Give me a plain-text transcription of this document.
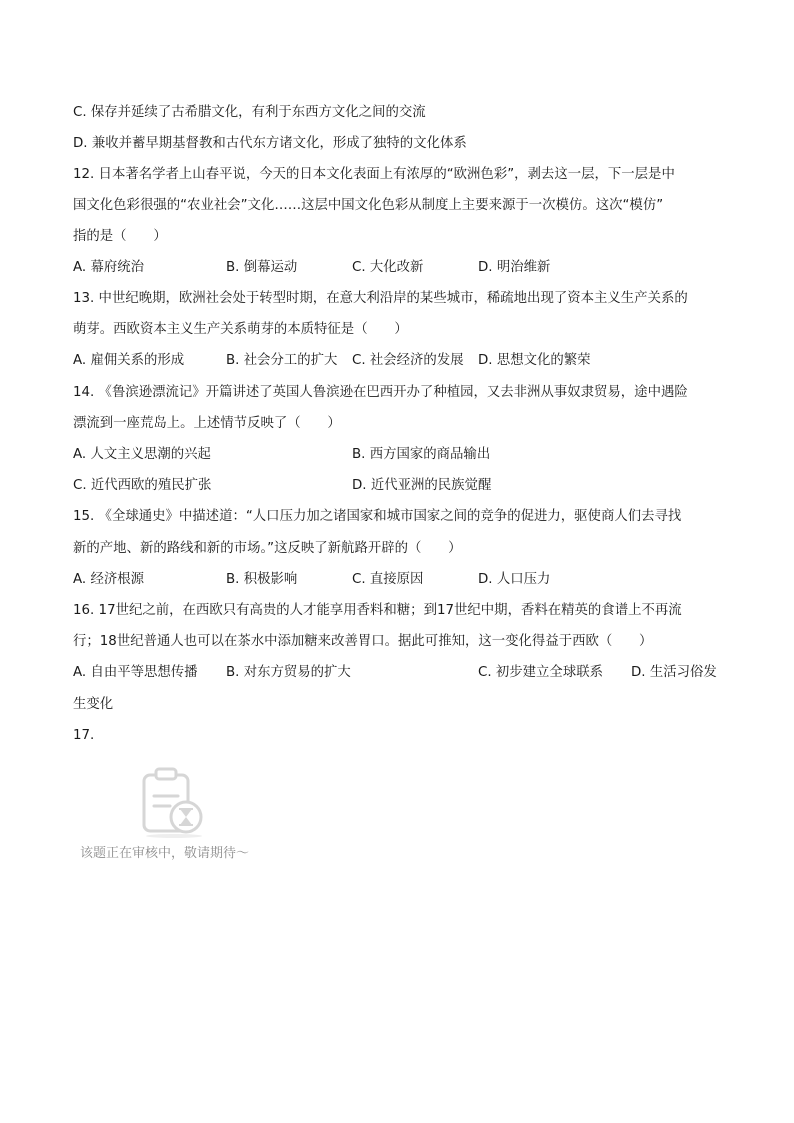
C. 保存并延续了古希腊文化，有利于东西方文化之间的交流
D. 兼收并蓄早期基督教和古代东方诸文化，形成了独特的文化体系
12. 日本著名学者上山春平说，今天的日本文化表面上有浓厚的“欧洲色彩”，剥去这一层，下一层是中
国文化色彩很强的“农业社会”文化……这层中国文化色彩从制度上主要来源于一次模仿。这次“模仿”
指的是（　　）
A. 幕府统治	B. 倒幕运动	C. 大化改新	D. 明治维新
13. 中世纪晚期，欧洲社会处于转型时期，在意大利沿岸的某些城市，稀疏地出现了资本主义生产关系的
萌芽。西欧资本主义生产关系萌芽的本质特征是（　　）
A. 雇佣关系的形成	B. 社会分工的扩大 C. 社会经济的发展 D. 思想文化的繁荣
14. 《鲁滨逊漂流记》开篇讲述了英国人鲁滨逊在巴西开办了种植园，又去非洲从事奴隶贸易，途中遇险
漂流到一座荒岛上。上述情节反映了（　　）
A. 人文主义思潮的兴起	B. 西方国家的商品输出
C. 近代西欧的殖民扩张	D. 近代亚洲的民族觉醒
15. 《全球通史》中描述道：“人口压力加之诸国家和城市国家之间的竞争的促进力，驱使商人们去寻找
新的产地、新的路线和新的市场。”这反映了新航路开辟的（　　）
A. 经济根源	B. 积极影响	C. 直接原因	D. 人口压力
16. 17世纪之前，在西欧只有高贵的人才能享用香料和糖；到17世纪中期，香料在精英的食谱上不再流
行；18世纪普通人也可以在茶水中添加糖来改善胃口。据此可推知，这一变化得益于西欧（　　）
A. 自由平等思想传播 B. 对东方贸易的扩大	C. 初步建立全球联系 D. 生活习俗发
生变化
17.
该题正在审核中，敬请期待～
